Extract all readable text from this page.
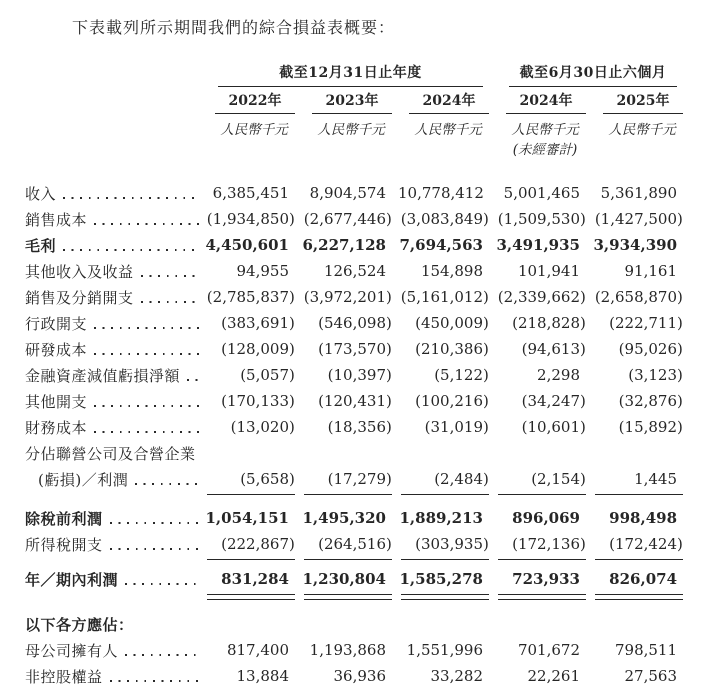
下表載列所示期間我們的綜合損益表概要：

	截至12月31日止年度			截至6月30日止六個月	

	2022年	2023年	2024年	2024年	2025年

	人民幣千元	人民幣千元	人民幣千元	人民幣千元	人民幣千元

				(未經審計)	

收入	6,385,451	8,904,574	10,778,412	5,001,465	5,361,890

銷售成本	(1,934,850)	(2,677,446)	(3,083,849)	(1,509,530)	(1,427,500)

毛利	4,450,601	6,227,128	7,694,563	3,491,935	3,934,390

其他收入及收益	94,955	126,524	154,898	101,941	91,161

銷售及分銷開支	(2,785,837)	(3,972,201)	(5,161,012)	(2,339,662)	(2,658,870)

行政開支	(383,691)	(546,098)	(450,009)	(218,828)	(222,711)

研發成本	(128,009)	(173,570)	(210,386)	(94,613)	(95,026)

金融資產減值虧損淨額	(5,057)	(10,397)	(5,122)	2,298	(3,123)

其他開支	(170,133)	(120,431)	(100,216)	(34,247)	(32,876)

財務成本	(13,020)	(18,356)	(31,019)	(10,601)	(15,892)

分佔聯營公司及合營企業					

(虧損)／利潤	(5,658)	(17,279)	(2,484)	(2,154)	1,445

除稅前利潤	1,054,151	1,495,320	1,889,213	896,069	998,498

所得稅開支	(222,867)	(264,516)	(303,935)	(172,136)	(172,424)

年／期內利潤	831,284	1,230,804	1,585,278	723,933	826,074

以下各方應佔：					

母公司擁有人	817,400	1,193,868	1,551,996	701,672	798,511

非控股權益	13,884	36,936	33,282	22,261	27,563
